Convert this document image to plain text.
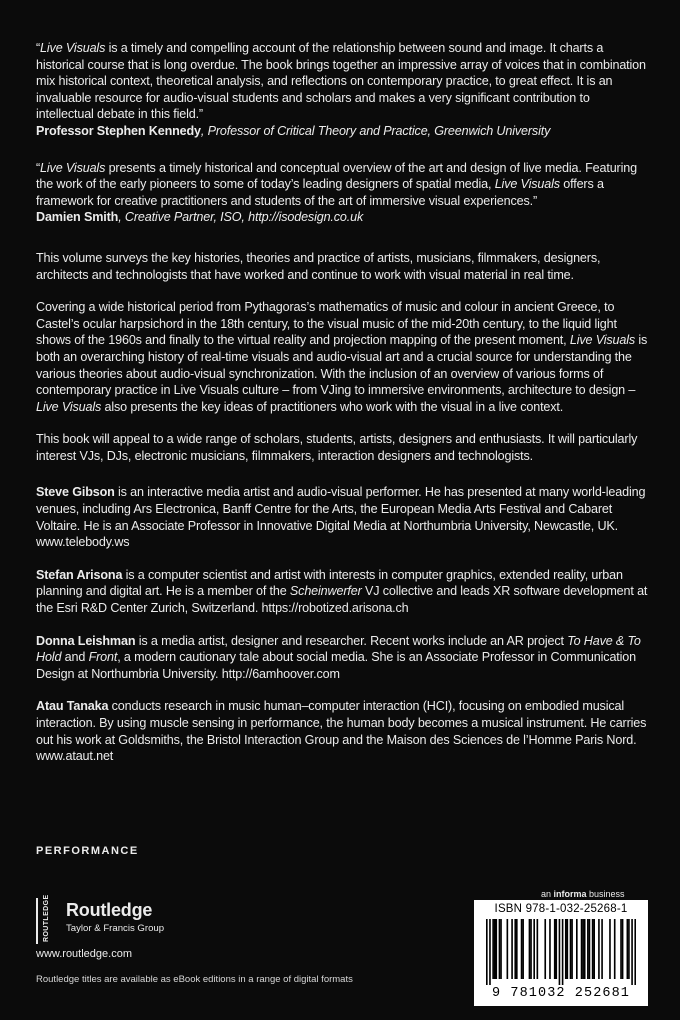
“Live Visuals is a timely and compelling account of the relationship between sound and image. It charts a historical course that is long overdue. The book brings together an impressive array of voices that in combination mix historical context, theoretical analysis, and reflections on contemporary practice, to great effect. It is an invaluable resource for audio-visual students and scholars and makes a very significant contribution to intellectual debate in this field.”

Professor Stephen Kennedy, Professor of Critical Theory and Practice, Greenwich University

“Live Visuals presents a timely historical and conceptual overview of the art and design of live media. Featuring the work of the early pioneers to some of today’s leading designers of spatial media, Live Visuals offers a framework for creative practitioners and students of the art of immersive visual experiences.”

Damien Smith, Creative Partner, ISO, http://isodesign.co.uk

This volume surveys the key histories, theories and practice of artists, musicians, filmmakers, designers, architects and technologists that have worked and continue to work with visual material in real time.

Covering a wide historical period from Pythagoras’s mathematics of music and colour in ancient Greece, to Castel’s ocular harpsichord in the 18th century, to the visual music of the mid-20th century, to the liquid light shows of the 1960s and finally to the virtual reality and projection mapping of the present moment, Live Visuals is both an overarching history of real-time visuals and audio-visual art and a crucial source for understanding the various theories about audio-visual synchronization. With the inclusion of an overview of various forms of contemporary practice in Live Visuals culture – from VJing to immersive environments, architecture to design – Live Visuals also presents the key ideas of practitioners who work with the visual in a live context.

This book will appeal to a wide range of scholars, students, artists, designers and enthusiasts. It will particularly interest VJs, DJs, electronic musicians, filmmakers, interaction designers and technologists.

Steve Gibson is an interactive media artist and audio-visual performer. He has presented at many world-leading venues, including Ars Electronica, Banff Centre for the Arts, the European Media Arts Festival and Cabaret Voltaire. He is an Associate Professor in Innovative Digital Media at Northumbria University, Newcastle, UK. www.telebody.ws

Stefan Arisona is a computer scientist and artist with interests in computer graphics, extended reality, urban planning and digital art. He is a member of the Scheinwerfer VJ collective and leads XR software development at the Esri R&D Center Zurich, Switzerland. https://robotized.arisona.ch

Donna Leishman is a media artist, designer and researcher. Recent works include an AR project To Have & To Hold and Front, a modern cautionary tale about social media. She is an Associate Professor in Communication Design at Northumbria University. http://6amhoover.com

Atau Tanaka conducts research in music human–computer interaction (HCI), focusing on embodied musical interaction. By using muscle sensing in performance, the human body becomes a musical instrument. He carries out his work at Goldsmiths, the Bristol Interaction Group and the Maison des Sciences de l’Homme Paris Nord. www.ataut.net

PERFORMANCE
ROUTLEDGE Routledge
Taylor & Francis Group
www.routledge.com
Routledge titles are available as eBook editions in a range of digital formats
an informa business
ISBN 978-1-032-25268-1
9 781032 252681
